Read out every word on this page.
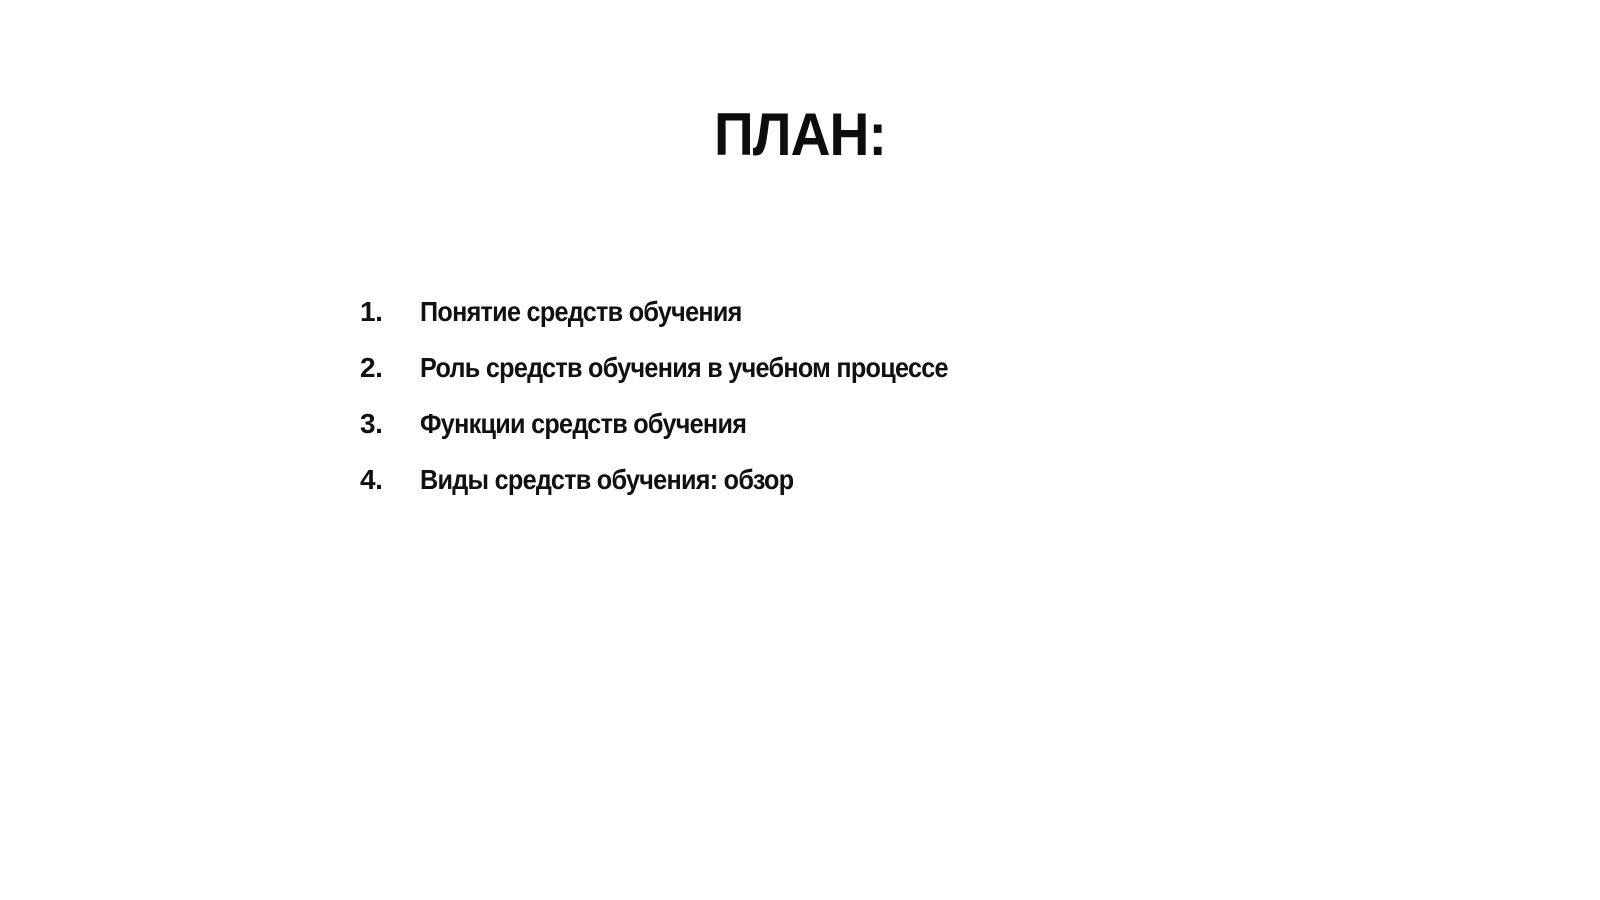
ПЛАН:
1.	Понятие средств обучения
2.	Роль средств обучения в учебном процессе
3.	Функции средств обучения
4.	Виды средств обучения: обзор
